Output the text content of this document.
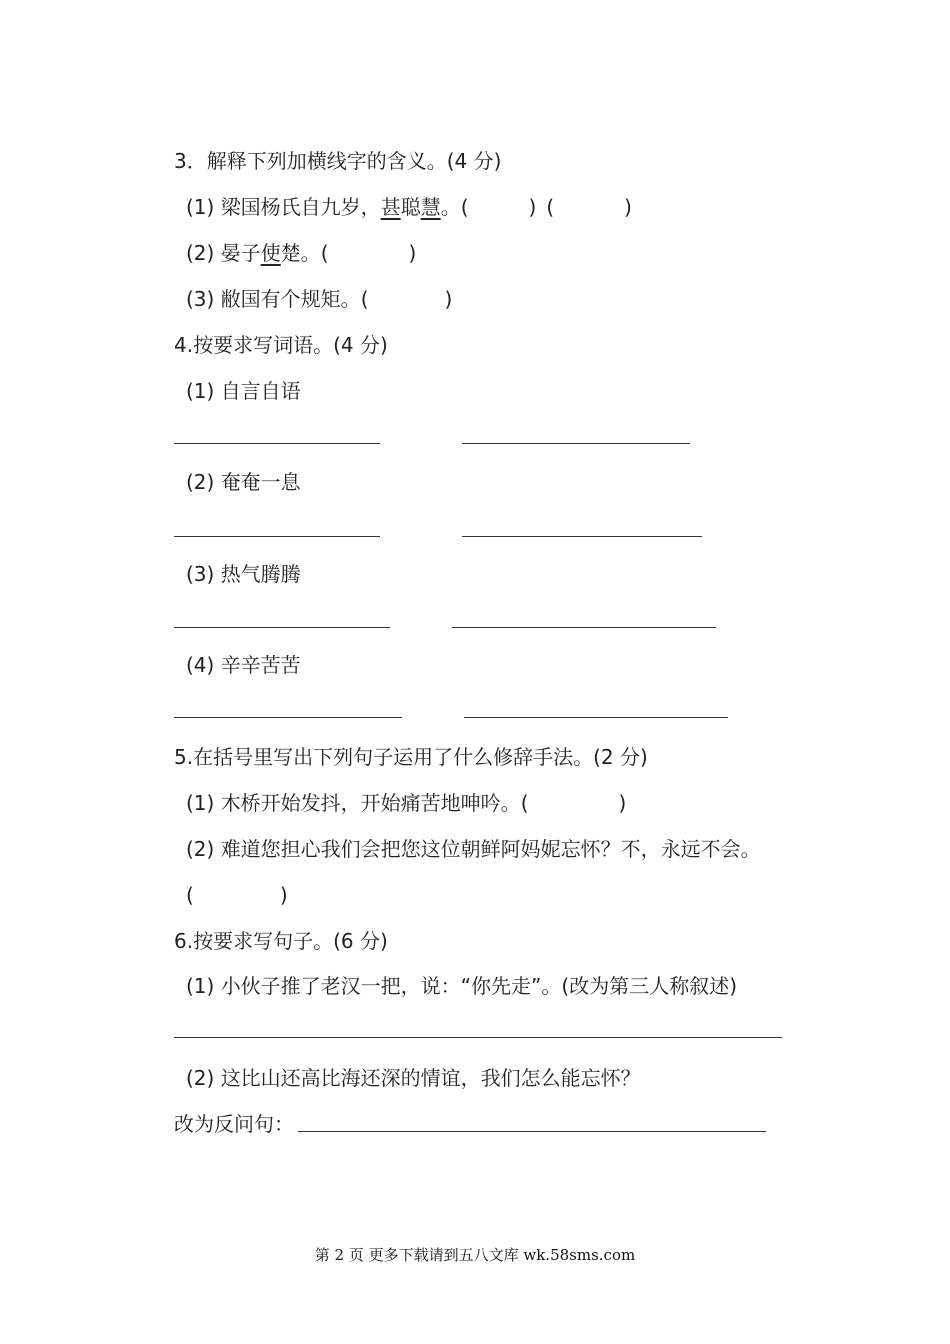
3．解释下列加横线字的含义。(4 分)
(1) 梁国杨氏自九岁，甚聪慧。(	) (	)
(2) 晏子使楚。(	)
(3) 敝国有个规矩。(	)
4.按要求写词语。(4 分)
(1) 自言自语
(2) 奄奄一息
(3) 热气腾腾
(4) 辛辛苦苦
5.在括号里写出下列句子运用了什么修辞手法。(2 分)
(1) 木桥开始发抖，开始痛苦地呻吟。(	)
(2) 难道您担心我们会把您这位朝鲜阿妈妮忘怀？不，永远不会。
(	)
6.按要求写句子。(6 分)
(1) 小伙子推了老汉一把，说：“你先走”。(改为第三人称叙述)
(2) 这比山还高比海还深的情谊，我们怎么能忘怀？
改为反问句：
第 2 页 更多下载请到五八文库 wk.58sms.com
